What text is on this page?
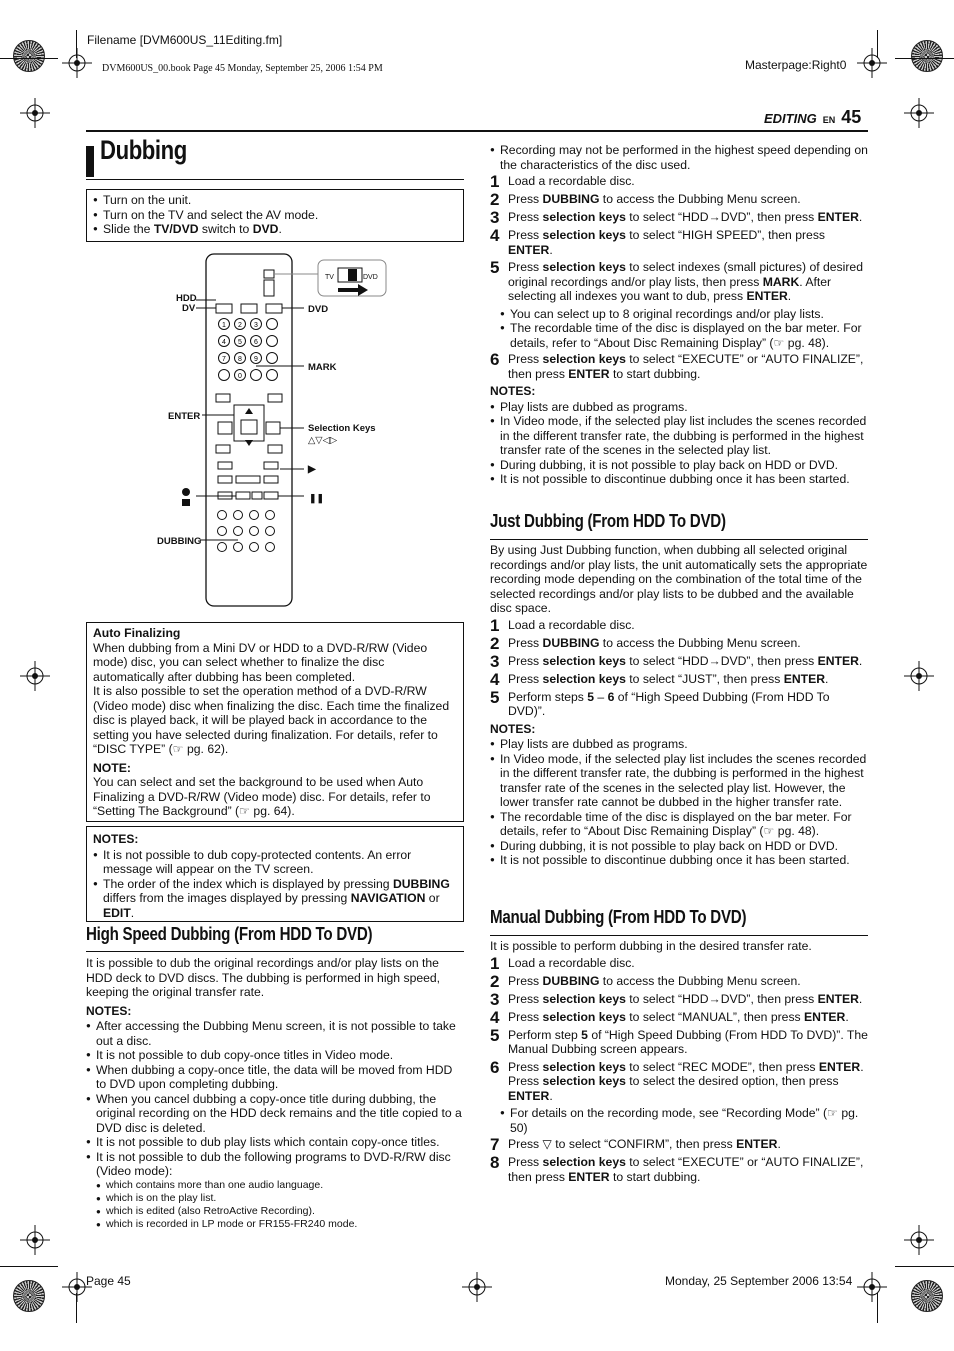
Filename [DVM600US_11Editing.fm]
DVM600US_00.book Page 45 Monday, September 25, 2006 1:54 PM	Masterpage:Right0
EDITING EN 45
Dubbing
● Turn on the unit.
● Turn on the TV and select the AV mode.
● Slide the TV/DVD switch to DVD.
1 2 3
4 5 6
7 8 9
0
HDD
DV	DVD
MARK
ENTER
Selection Keys
△▽◁▷
▶
❚❚
DUBBING
TV	DVD
Auto Finalizing
When dubbing from a Mini DV or HDD to a DVD-R/RW (Video mode) disc, you can select whether to finalize the disc automatically after dubbing has been completed.
It is also possible to set the operation method of a DVD-R/RW (Video mode) disc when finalizing the disc. Each time the finalized disc is played back, it will be played back in accordance to the setting you have selected during finalization. For details, refer to “DISC TYPE” (☞ pg. 62).
NOTE:
You can select and set the background to be used when Auto Finalizing a DVD-R/RW (Video mode) disc. For details, refer to “Setting The Background” (☞ pg. 64).
NOTES:
● It is not possible to dub copy-protected contents. An error message will appear on the TV screen.
● The order of the index which is displayed by pressing DUBBING differs from the images displayed by pressing NAVIGATION or EDIT.
High Speed Dubbing (From HDD To DVD)
It is possible to dub the original recordings and/or play lists on the HDD deck to DVD discs. The dubbing is performed in high speed, keeping the original transfer rate.
NOTES:
● After accessing the Dubbing Menu screen, it is not possible to take out a disc.
● It is not possible to dub copy-once titles in Video mode.
● When dubbing a copy-once title, the data will be moved from HDD to DVD upon completing dubbing.
● When you cancel dubbing a copy-once title during dubbing, the original recording on the HDD deck remains and the title copied to a DVD disc is deleted.
● It is not possible to dub play lists which contain copy-once titles.
● It is not possible to dub the following programs to DVD-R/RW disc (Video mode):
● which contains more than one audio language.
● which is on the play list.
● which is edited (also RetroActive Recording).
● which is recorded in LP mode or FR155-FR240 mode.
● Recording may not be performed in the highest speed depending on the characteristics of the disc used.
1 Load a recordable disc.
2 Press DUBBING to access the Dubbing Menu screen.
3 Press selection keys to select “HDD→DVD”, then press ENTER.
4 Press selection keys to select “HIGH SPEED”, then press ENTER.
5 Press selection keys to select indexes (small pictures) of desired original recordings and/or play lists, then press MARK. After selecting all indexes you want to dub, press ENTER.
● You can select up to 8 original recordings and/or play lists.
● The recordable time of the disc is displayed on the bar meter. For details, refer to “About Disc Remaining Display” (☞ pg. 48).
6 Press selection keys to select “EXECUTE” or “AUTO FINALIZE”, then press ENTER to start dubbing.
NOTES:
● Play lists are dubbed as programs.
● In Video mode, if the selected play list includes the scenes recorded in the different transfer rate, the dubbing is performed in the highest transfer rate of the scenes in the selected play list.
● During dubbing, it is not possible to play back on HDD or DVD.
● It is not possible to discontinue dubbing once it has been started.
Just Dubbing (From HDD To DVD)
By using Just Dubbing function, when dubbing all selected original recordings and/or play lists, the unit automatically sets the appropriate recording mode depending on the combination of the total time of the selected recordings and/or play lists to be dubbed and the available disc space.
1 Load a recordable disc.
2 Press DUBBING to access the Dubbing Menu screen.
3 Press selection keys to select “HDD→DVD”, then press ENTER.
4 Press selection keys to select “JUST”, then press ENTER.
5 Perform steps 5 – 6 of “High Speed Dubbing (From HDD To DVD)”.
NOTES:
● Play lists are dubbed as programs.
● In Video mode, if the selected play list includes the scenes recorded in the different transfer rate, the dubbing is performed in the highest transfer rate of the scenes in the selected play list. However, the lower transfer rate cannot be dubbed in the higher transfer rate.
● The recordable time of the disc is displayed on the bar meter. For details, refer to “About Disc Remaining Display” (☞ pg. 48).
● During dubbing, it is not possible to play back on HDD or DVD.
● It is not possible to discontinue dubbing once it has been started.
Manual Dubbing (From HDD To DVD)
It is possible to perform dubbing in the desired transfer rate.
1 Load a recordable disc.
2 Press DUBBING to access the Dubbing Menu screen.
3 Press selection keys to select “HDD→DVD”, then press ENTER.
4 Press selection keys to select “MANUAL”, then press ENTER.
5 Perform step 5 of “High Speed Dubbing (From HDD To DVD)”. The Manual Dubbing screen appears.
6 Press selection keys to select “REC MODE”, then press ENTER. Press selection keys to select the desired option, then press ENTER.
● For details on the recording mode, see “Recording Mode” (☞ pg. 50)
7 Press ▽ to select “CONFIRM”, then press ENTER.
8 Press selection keys to select “EXECUTE” or “AUTO FINALIZE”, then press ENTER to start dubbing.
Page 45	Monday, 25 September 2006 13:54
